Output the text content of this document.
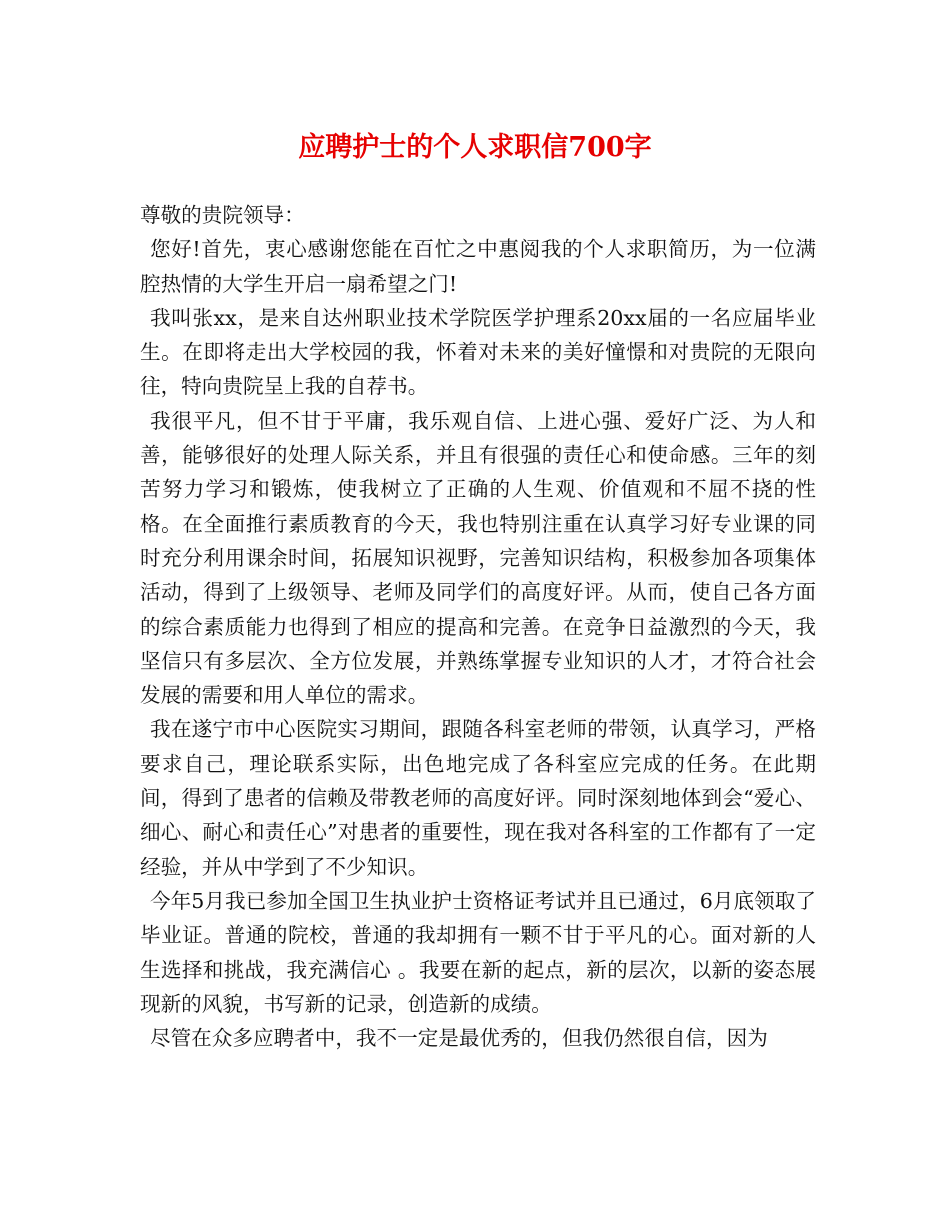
应聘护士的个人求职信700字

尊敬的贵院领导：

您好!首先，衷心感谢您能在百忙之中惠阅我的个人求职简历，为一位满腔热情的大学生开启一扇希望之门!

我叫张xx，是来自达州职业技术学院医学护理系20xx届的一名应届毕业生。在即将走出大学校园的我，怀着对未来的美好憧憬和对贵院的无限向往，特向贵院呈上我的自荐书。

我很平凡，但不甘于平庸，我乐观自信、上进心强、爱好广泛、为人和善，能够很好的处理人际关系，并且有很强的责任心和使命感。三年的刻苦努力学习和锻炼，使我树立了正确的人生观、价值观和不屈不挠的性格。在全面推行素质教育的今天，我也特别注重在认真学习好专业课的同时充分利用课余时间，拓展知识视野，完善知识结构，积极参加各项集体活动，得到了上级领导、老师及同学们的高度好评。从而，使自己各方面的综合素质能力也得到了相应的提高和完善。在竞争日益激烈的今天，我坚信只有多层次、全方位发展，并熟练掌握专业知识的人才，才符合社会发展的需要和用人单位的需求。

我在遂宁市中心医院实习期间，跟随各科室老师的带领，认真学习，严格要求自己，理论联系实际，出色地完成了各科室应完成的任务。在此期间，得到了患者的信赖及带教老师的高度好评。同时深刻地体到会“爱心、细心、耐心和责任心”对患者的重要性，现在我对各科室的工作都有了一定经验，并从中学到了不少知识。

今年5月我已参加全国卫生执业护士资格证考试并且已通过，6月底领取了毕业证。普通的院校，普通的我却拥有一颗不甘于平凡的心。面对新的人生选择和挑战，我充满信心 。我要在新的起点，新的层次，以新的姿态展现新的风貌，书写新的记录，创造新的成绩。

尽管在众多应聘者中，我不一定是最优秀的，但我仍然很自信，因为
